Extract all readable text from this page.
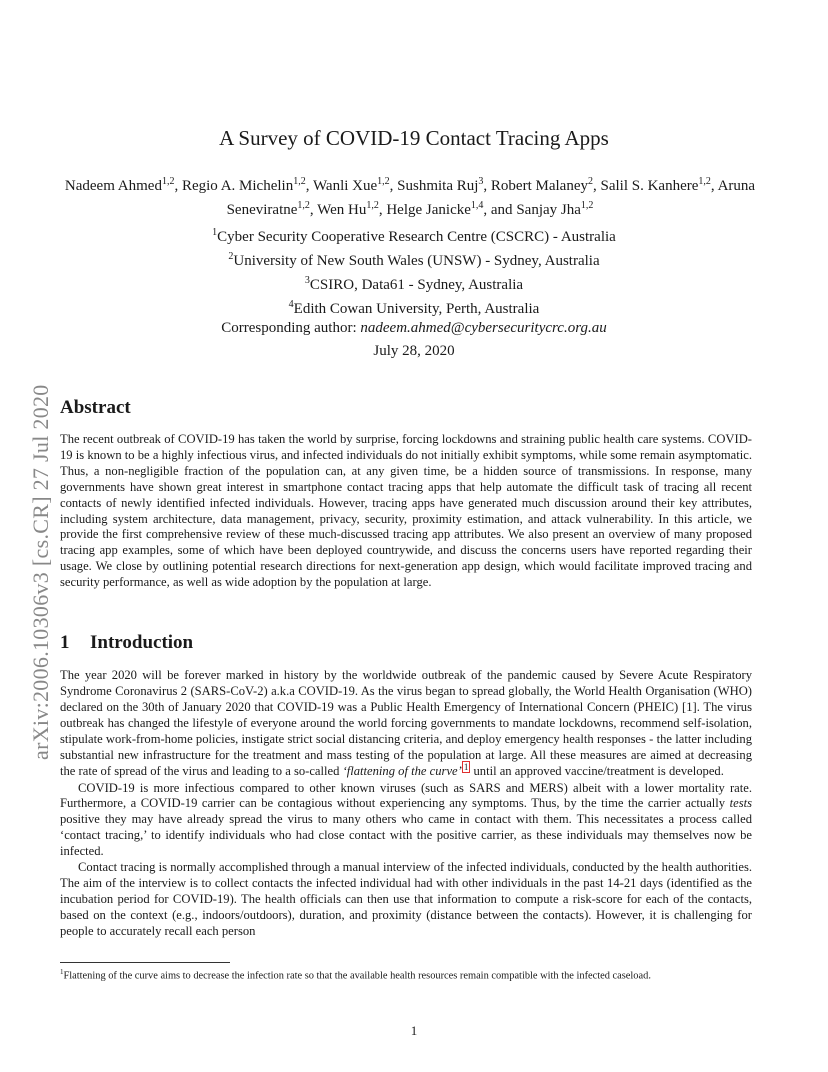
arXiv:2006.10306v3 [cs.CR] 27 Jul 2020
A Survey of COVID-19 Contact Tracing Apps
Nadeem Ahmed$^{1,2}$, Regio A. Michelin$^{1,2}$, Wanli Xue$^{1,2}$, Sushmita Ruj$^3$, Robert Malaney$^2$, Salil S. Kanhere$^{1,2}$, Aruna Seneviratne$^{1,2}$, Wen Hu$^{1,2}$, Helge Janicke$^{1,4}$, and Sanjay Jha$^{1,2}$
$^1$Cyber Security Cooperative Research Centre (CSCRC) - Australia
$^2$University of New South Wales (UNSW) - Sydney, Australia
$^3$CSIRO, Data61 - Sydney, Australia
$^4$Edith Cowan University, Perth, Australia
Corresponding author: nadeem.ahmed@cybersecuritycrc.org.au
July 28, 2020
Abstract
The recent outbreak of COVID-19 has taken the world by surprise, forcing lockdowns and straining public health care systems. COVID-19 is known to be a highly infectious virus, and infected individuals do not initially exhibit symptoms, while some remain asymptomatic. Thus, a non-negligible fraction of the population can, at any given time, be a hidden source of transmissions. In response, many governments have shown great interest in smartphone contact tracing apps that help automate the difficult task of tracing all recent contacts of newly identified infected individuals. However, tracing apps have generated much discussion around their key attributes, including system architecture, data management, privacy, security, proximity estimation, and attack vulnerability. In this article, we provide the first comprehensive review of these much-discussed tracing app attributes. We also present an overview of many proposed tracing app examples, some of which have been deployed countrywide, and discuss the concerns users have reported regarding their usage. We close by outlining potential research directions for next-generation app design, which would facilitate improved tracing and security performance, as well as wide adoption by the population at large.
1 Introduction

The year 2020 will be forever marked in history by the worldwide outbreak of the pandemic caused by Severe Acute Respiratory Syndrome Coronavirus 2 (SARS-CoV-2) a.k.a COVID-19. As the virus began to spread globally, the World Health Organisation (WHO) declared on the 30th of January 2020 that COVID-19 was a Public Health Emergency of International Concern (PHEIC) [1]. The virus outbreak has changed the lifestyle of everyone around the world forcing governments to mandate lockdowns, recommend self-isolation, stipulate work-from-home policies, instigate strict social distancing criteria, and deploy emergency health responses - the latter including substantial new infrastructure for the treatment and mass testing of the population at large. All these measures are aimed at decreasing the rate of spread of the virus and leading to a so-called ‘flattening of the curve’ $^1$ until an approved vaccine/treatment is developed.

COVID-19 is more infectious compared to other known viruses (such as SARS and MERS) albeit with a lower mortality rate. Furthermore, a COVID-19 carrier can be contagious without experiencing any symptoms. Thus, by the time the carrier actually tests positive they may have already spread the virus to many others who came in contact with them. This necessitates a process called ‘contact tracing,’ to identify individuals who had close contact with the positive carrier, as these individuals may themselves now be infected.

Contact tracing is normally accomplished through a manual interview of the infected individuals, conducted by the health authorities. The aim of the interview is to collect contacts the infected individual had with other individuals in the past 14-21 days (identified as the incubation period for COVID-19). The health officials can then use that information to compute a risk-score for each of the contacts, based on the context (e.g., indoors/outdoors), duration, and proximity (distance between the contacts). However, it is challenging for people to accurately recall each person

$^1$Flattening of the curve aims to decrease the infection rate so that the available health resources remain compatible with the infected caseload.
1
